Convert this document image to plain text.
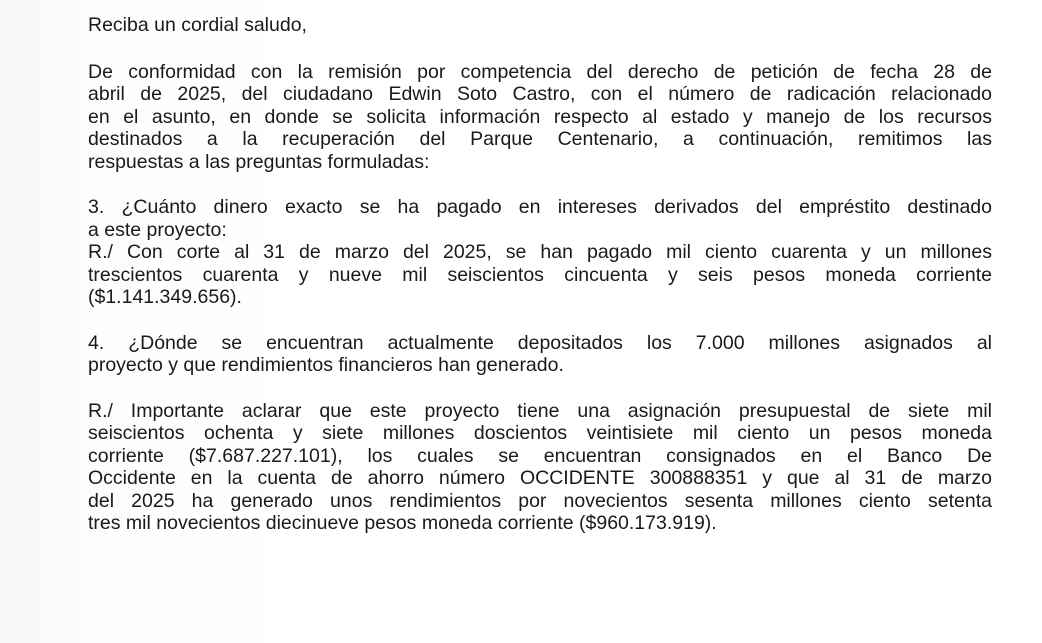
Reciba un cordial saludo,

De conformidad con la remisión por competencia del derecho de petición de fecha 28 de
abril de 2025, del ciudadano Edwin Soto Castro, con el número de radicación relacionado
en el asunto, en donde se solicita información respecto al estado y manejo de los recursos
destinados a la recuperación del Parque Centenario, a continuación, remitimos las
respuestas a las preguntas formuladas:

3. ¿Cuánto dinero exacto se ha pagado en intereses derivados del empréstito destinado
a este proyecto:

R./ Con corte al 31 de marzo del 2025, se han pagado mil ciento cuarenta y un millones
trescientos cuarenta y nueve mil seiscientos cincuenta y seis pesos moneda corriente
($1.141.349.656).

4. ¿Dónde se encuentran actualmente depositados los 7.000 millones asignados al
proyecto y que rendimientos financieros han generado.

R./ Importante aclarar que este proyecto tiene una asignación presupuestal de siete mil
seiscientos ochenta y siete millones doscientos veintisiete mil ciento un pesos moneda
corriente ($7.687.227.101), los cuales se encuentran consignados en el Banco De
Occidente en la cuenta de ahorro número OCCIDENTE 300888351 y que al 31 de marzo
del 2025 ha generado unos rendimientos por novecientos sesenta millones ciento setenta
tres mil novecientos diecinueve pesos moneda corriente ($960.173.919).
